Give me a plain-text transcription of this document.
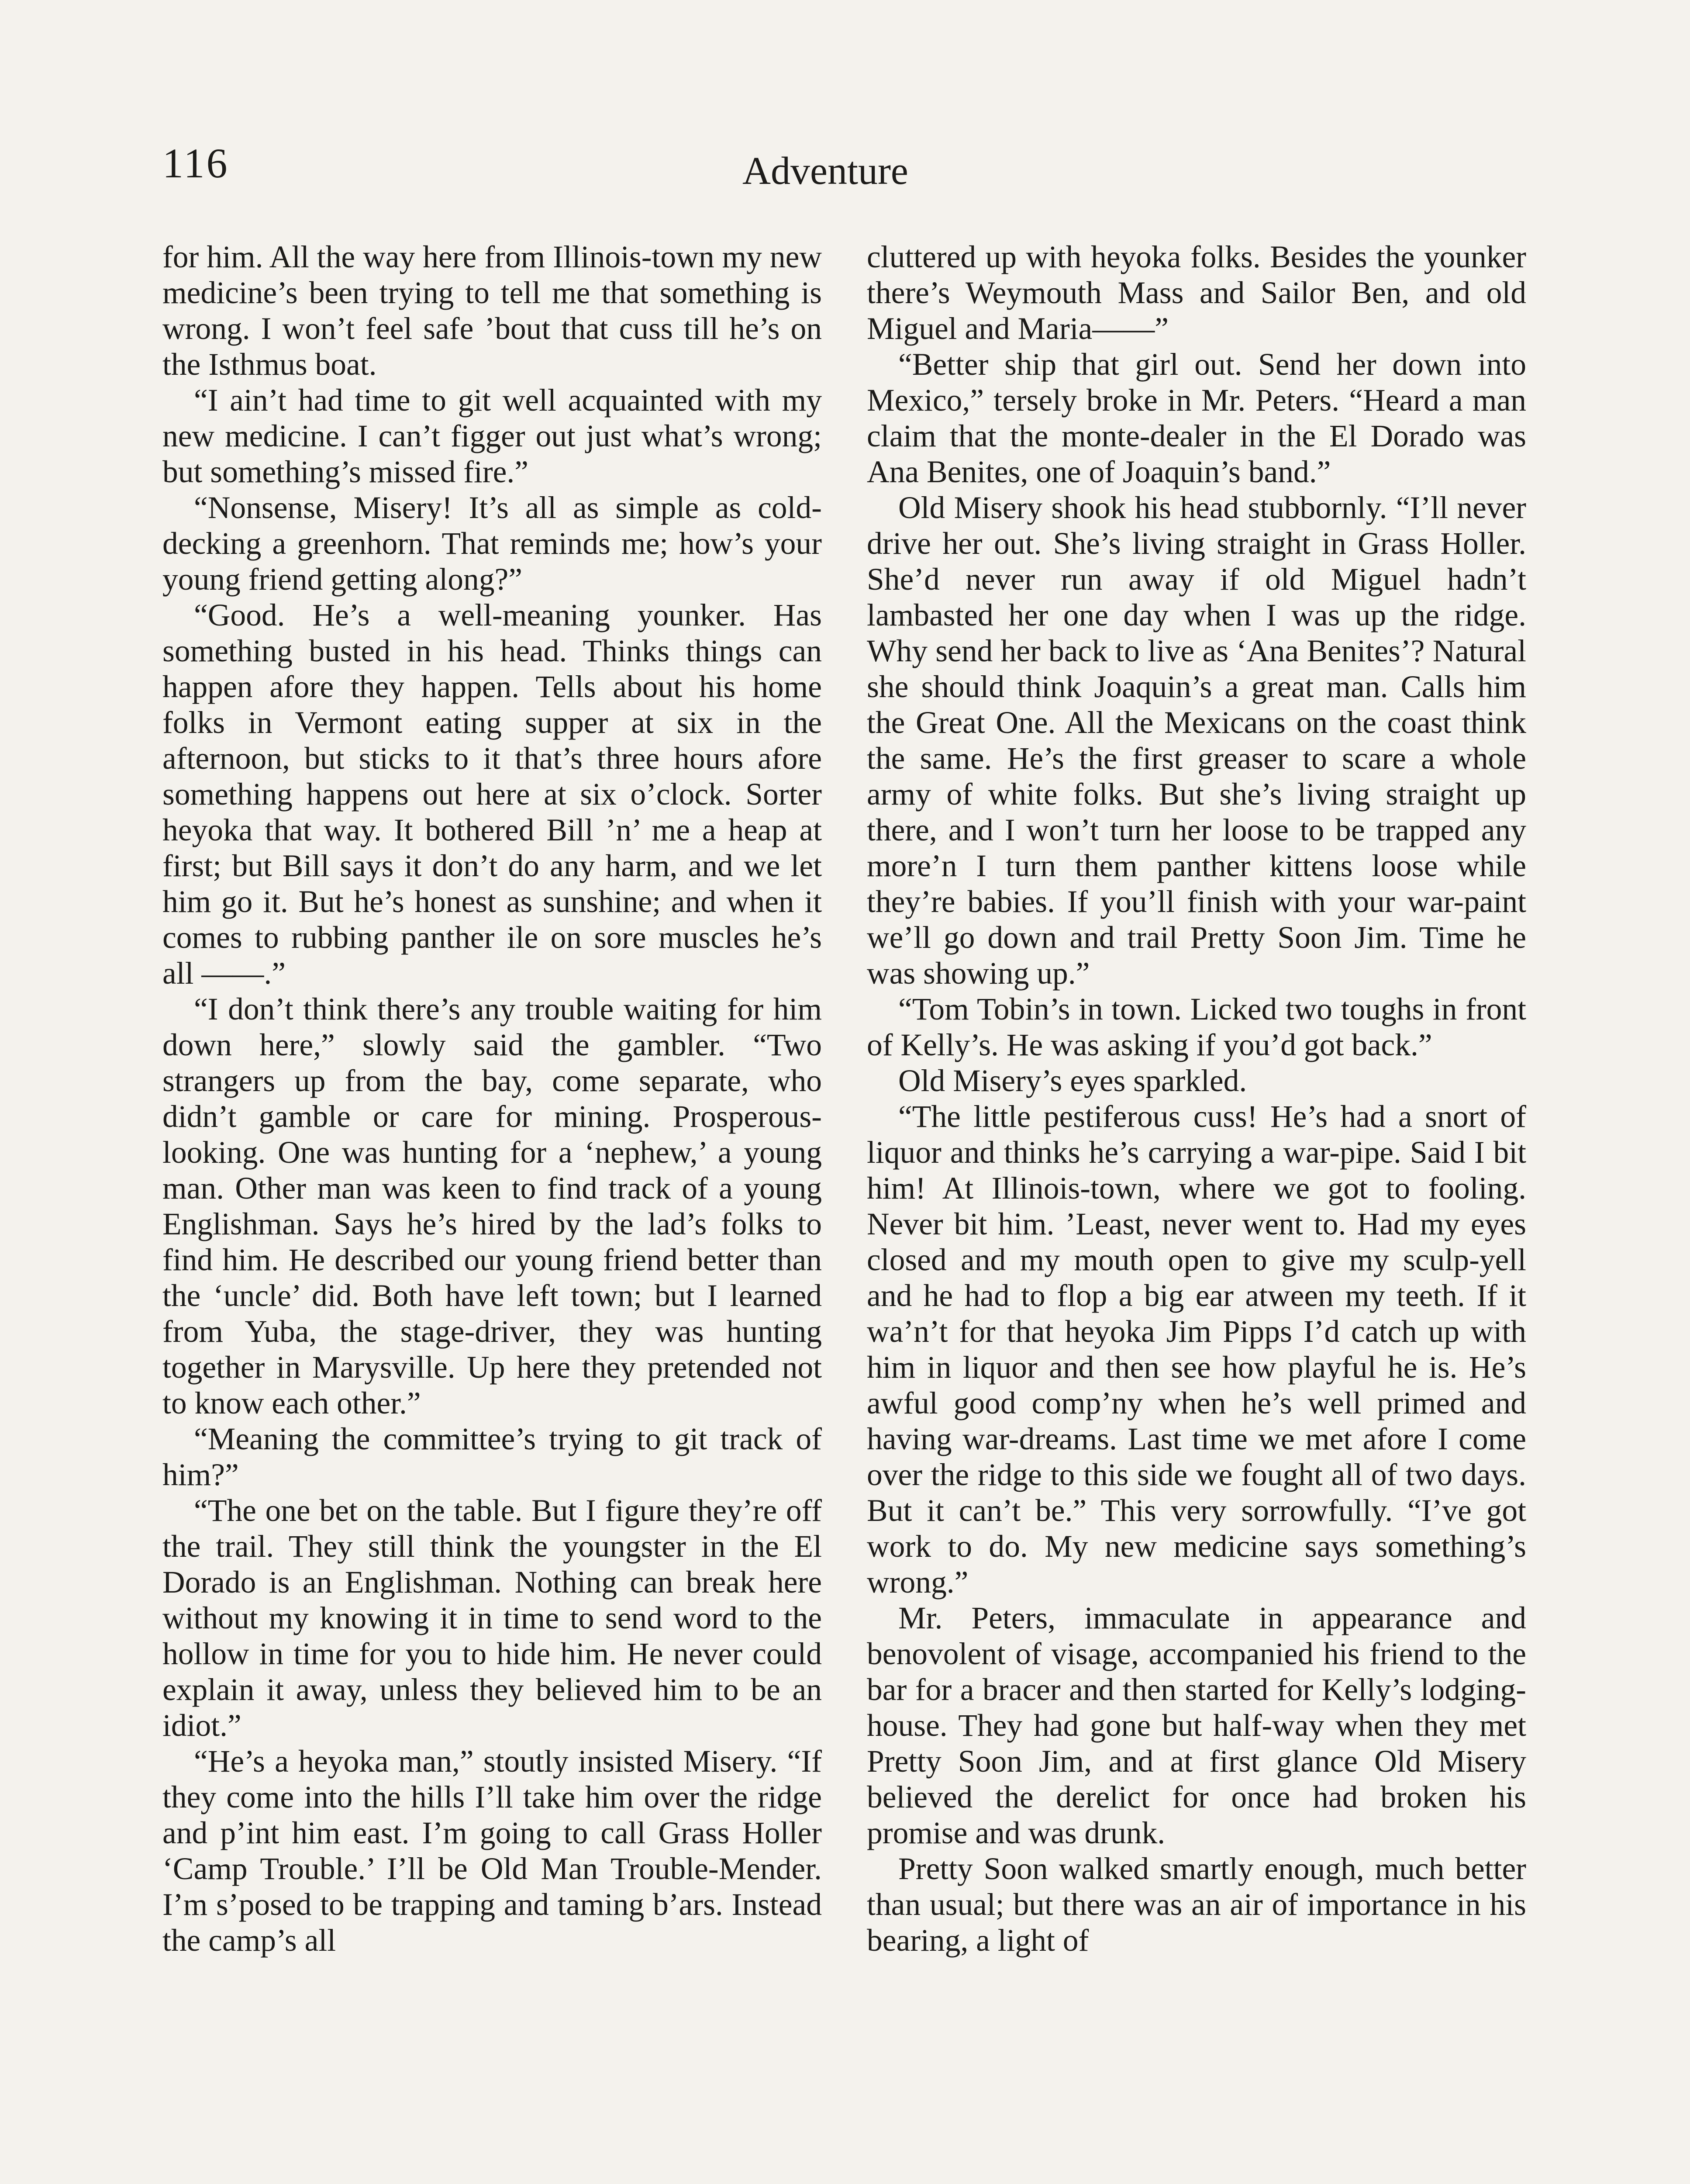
116	Adventure

for him. All the way here from Illinois-town my new medicine’s been trying to tell me that something is wrong. I won’t feel safe ’bout that cuss till he’s on the Isthmus boat.

“I ain’t had time to git well acquainted with my new medicine. I can’t figger out just what’s wrong; but something’s missed fire.”

“Nonsense, Misery! It’s all as simple as cold-decking a greenhorn. That reminds me; how’s your young friend getting along?”

“Good. He’s a well-meaning younker. Has something busted in his head. Thinks things can happen afore they happen. Tells about his home folks in Vermont eating supper at six in the afternoon, but sticks to it that’s three hours afore something happens out here at six o’clock. Sorter heyoka that way. It bothered Bill ’n’ me a heap at first; but Bill says it don’t do any harm, and we let him go it. But he’s honest as sunshine; and when it comes to rubbing panther ile on sore muscles he’s all ——.”

“I don’t think there’s any trouble waiting for him down here,” slowly said the gambler. “Two strangers up from the bay, come separate, who didn’t gamble or care for mining. Prosperous-looking. One was hunting for a ‘nephew,’ a young man. Other man was keen to find track of a young Englishman. Says he’s hired by the lad’s folks to find him. He described our young friend better than the ‘uncle’ did. Both have left town; but I learned from Yuba, the stage-driver, they was hunting together in Marysville. Up here they pretended not to know each other.”

“Meaning the committee’s trying to git track of him?”

“The one bet on the table. But I figure they’re off the trail. They still think the youngster in the El Dorado is an Englishman. Nothing can break here without my knowing it in time to send word to the hollow in time for you to hide him. He never could explain it away, unless they believed him to be an idiot.”

“He’s a heyoka man,” stoutly insisted Misery. “If they come into the hills I’ll take him over the ridge and p’int him east. I’m going to call Grass Holler ‘Camp Trouble.’ I’ll be Old Man Trouble-Mender. I’m s’posed to be trapping and taming b’ars. Instead the camp’s all

cluttered up with heyoka folks. Besides the younker there’s Weymouth Mass and Sailor Ben, and old Miguel and Maria——”

“Better ship that girl out. Send her down into Mexico,” tersely broke in Mr. Peters. “Heard a man claim that the monte-dealer in the El Dorado was Ana Benites, one of Joaquin’s band.”

Old Misery shook his head stubbornly. “I’ll never drive her out. She’s living straight in Grass Holler. She’d never run away if old Miguel hadn’t lambasted her one day when I was up the ridge. Why send her back to live as ‘Ana Benites’? Natural she should think Joaquin’s a great man. Calls him the Great One. All the Mexicans on the coast think the same. He’s the first greaser to scare a whole army of white folks. But she’s living straight up there, and I won’t turn her loose to be trapped any more’n I turn them panther kittens loose while they’re babies. If you’ll finish with your war-paint we’ll go down and trail Pretty Soon Jim. Time he was showing up.”

“Tom Tobin’s in town. Licked two toughs in front of Kelly’s. He was asking if you’d got back.”

Old Misery’s eyes sparkled.

“The little pestiferous cuss! He’s had a snort of liquor and thinks he’s carrying a war-pipe. Said I bit him! At Illinois-town, where we got to fooling. Never bit him. ’Least, never went to. Had my eyes closed and my mouth open to give my sculp-yell and he had to flop a big ear atween my teeth. If it wa’n’t for that heyoka Jim Pipps I’d catch up with him in liquor and then see how playful he is. He’s awful good comp’ny when he’s well primed and having war-dreams. Last time we met afore I come over the ridge to this side we fought all of two days. But it can’t be.” This very sorrowfully. “I’ve got work to do. My new medicine says something’s wrong.”

Mr. Peters, immaculate in appearance and benovolent of visage, accompanied his friend to the bar for a bracer and then started for Kelly’s lodging-house. They had gone but half-way when they met Pretty Soon Jim, and at first glance Old Misery believed the derelict for once had broken his promise and was drunk.

Pretty Soon walked smartly enough, much better than usual; but there was an air of importance in his bearing, a light of
